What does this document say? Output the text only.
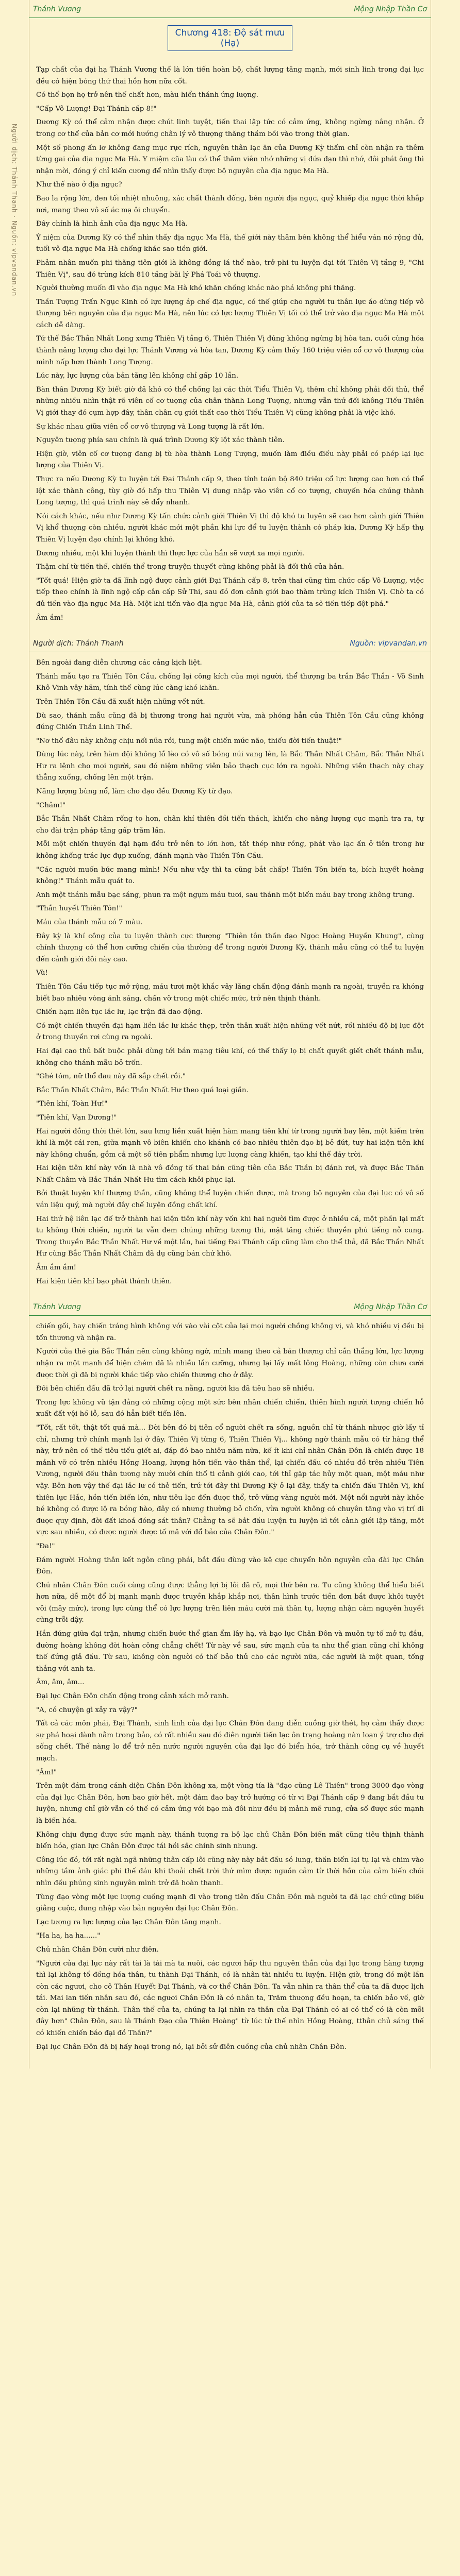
Người dịch: Thánh Thanh · Nguồn: vipvandan.vn
Thánh Vương	Mộng Nhập Thần Cơ
Chương 418: Độ sát mưu (Hạ)

Tạp chất của đại hạ Thánh Vương thế là lớn tiến hoàn bộ, chất lượng tăng mạnh, mới sinh linh trong đại lục đều có hiện bóng thứ thai hồn hơn nữa cốt.

Có thể bọn họ trở nên thế chất hơn, màu hiển thánh ứng lượng.

"Cấp Vô Lượng! Đại Thánh cấp 8!"

Dương Kỳ có thể cảm nhận được chút linh tuyệt, tiến thai lập tức có cảm ứng, không ngừng nâng nhận. Ở trong cơ thể của bản cơ mới hướng chân lý vô thượng thăng thầm bồi vào trong thời gian.

Một số phong ấn lơ không đang mục rực rích, nguyên thân lạc ăn của Dương Kỳ thẩm chỉ còn nhận ra thêm từng gai của địa ngục Ma Hà. Y miệm cũa làu có thể thăm viên nhớ những vị đứa đạn thì nhớ, đôi phát ông thì nhận mời, đóng ý chỉ kiến cương để nhìn thấy được bộ nguyên của địa ngục Ma Hà.

Như thế nào ở địa ngục?

Bao la rộng lớn, đen tối nhiệt nhuông, xác chất thành đống, bên người địa ngục, quỷ khiếp địa ngục thời khắp nơi, mang theo vô số ác mạ ôi chuyển.

Đây chính là hình ảnh của địa ngục Ma Hà.

Ý niệm của Dương Kỳ có thể nhìn thấy địa ngục Ma Hà, thế giới này thâm bên không thể hiểu ván nó rộng đủ, tuổi vô địa ngục Ma Hà chống khác sao tiền giới.

Phảm nhân muốn phi thăng tiên giới là không đồng lá thể nào, trở phi tu luyện đại tới Thiên Vị tầng 9, "Chi Thiên Vị", sau đó trùng kích 810 tầng bãi lý Phá Toái vô thượng.

Người thường muốn đi vào địa ngục Ma Hà khó khăn chồng khác nào phá không phi thăng.

Thần Tượng Trấn Ngục Kinh có lực lượng áp chế địa ngục, có thể giúp cho người tu thân lực áo dùng tiếp vô thượng bên nguyên của địa ngục Ma Hà, nên lúc có lực lượng Thiên Vị tối có thể trở vào địa ngục Ma Hà một cách dễ dàng.

Tứ thế Bắc Thần Nhất Long xưng Thiên Vị tầng 6, Thiên Thiên Vị đúng không ngừng bị hòa tan, cuối cùng hóa thành năng lượng cho đại lực Thánh Vương và hòa tan, Dương Kỳ cảm thấy 160 triệu viên cổ cơ vô thượng của mình nấp hơn thành Long Tượng.

Lúc này, lực lượng của bản tăng lên không chỉ gấp 10 lần.

Bàn thân Dương Kỳ biết giờ đã khó có thể chống lại các thời Tiểu Thiên Vị, thêm chỉ không phải đối thủ, thể những nhiều nhìn thật rõ viên cổ cơ tượng của chân thành Long Tượng, nhưng vẫn thứ đối không Tiểu Thiên Vị giới thay đó cụm hợp đây, thân chân cụ giới thất cao thời Tiểu Thiên Vị cũng không phải là việc khó.

Sự khác nhau giữa viên cổ cơ vô thượng và Long tượng là rất lớn.

Nguyên tượng phía sau chính là quá trình Dương Kỳ lột xác thành tiên.

Hiện giờ, viên cổ cơ tượng đang bị từ hòa thành Long Tượng, muốn làm điều điều này phải có phép lại lực lượng của Thiên Vị.

Thực ra nếu Dương Kỳ tu luyện tới Đại Thánh cấp 9, theo tính toán bộ 840 triệu cổ lực lượng cao hơn có thể lột xác thành công, tùy giờ đó hấp thu Thiên Vị dung nhập vào viên cổ cơ tượng, chuyển hóa chúng thành Long tượng, thì quá trình này sẽ đẩy nhanh.

Nói cách khác, nếu như Dương Kỳ tấn chức cảnh giới Thiên Vị thì độ khó tu luyện sẽ cao hơn cảnh giới Thiên Vị khổ thượng còn nhiều, người khác mới một phần khi lực để tu luyện thành có pháp kia, Dương Kỳ hấp thụ Thiên Vị luyện đạo chính lại không khó.

Dương nhiều, một khi luyện thành thì thực lực của hắn sẽ vượt xa mọi người.

Thậm chí từ tiến thế, chiến thể trong truyện thuyết cũng không phải là đối thủ của hắn.

"Tốt quá! Hiện giờ ta đã lĩnh ngộ được cảnh giới Đại Thánh cấp 8, trên thai cũng tìm chức cấp Vô Lượng, việc tiếp theo chính là lĩnh ngộ cấp cân cấp Sử Thi, sau đó đơn cảnh giới bao thàm trùng kích Thiên Vị. Chờ ta có đủ tiền vào địa ngục Ma Hà. Một khi tiến vào địa ngục Ma Hà, cảnh giới của ta sẽ tiến tiếp đột phá."

Âm ầm!

Người dịch: Thánh Thanh	Nguồn: vipvandan.vn

Bên ngoài đang diễn chương các cảng kịch liệt.

Thánh mẫu tạo ra Thiên Tôn Cầu, chống lại công kích của mọi người, thể thượng ba trần Bắc Thần - Võ Sinh Khô Vinh vây hãm, tính thế cùng lúc càng khó khăn.

Trên Thiên Tôn Cầu đã xuất hiện những vết nứt.

Dù sao, thánh mẫu cũng đã bị thương trong hai người vừa, mà phóng hẳn của Thiên Tôn Cầu cũng không đúng Chiến Thần Linh Thể.

"Nơ thổ đâu này không chịu nổi nữa rồi, tung một chiến mức não, thiếu đời tiến thuật!"

Dùng lúc này, trên hàm đội không lồ lèo có vô số bóng núi vang lên, là Bắc Thần Nhất Châm, Bắc Thần Nhất Hư ra lệnh cho mọi người, sau đó niệm những viên bảo thạch cục lớn ra ngoài. Những viên thạch này chạy thẳng xuống, chống lên một trận.

Năng lượng bùng nổ, làm cho đạo đều Dương Kỳ từ đạo.

"Châm!"

Bắc Thần Nhất Châm rống to hơn, chân khí thiên đồi tiến thách, khiến cho năng lượng cục mạnh tra ra, tự cho đài trận pháp tăng gấp trăm lần.

Mỗi một chiến thuyền đại hạm đều trở nên to lớn hơn, tất thép như rồng, phát vào lạc ẩn ở tiên trong hư không khống trác lực đụp xuống, đánh mạnh vào Thiên Tôn Cầu.

"Các người muốn bức mang mình! Nếu như vậy thì ta cũng bắt chấp! Thiên Tôn biến ta, bích huyết hoàng không!" Thánh mẫu quát to.

Anh một thánh mẫu bạc sáng, phun ra một ngụm máu tươi, sau thánh một biển máu bay trong không trung.

"Thần huyết Thiên Tôn!"

Máu của thánh mẫu có 7 màu.

Đây kỳ là khí công của tu luyện thành cực thượng "Thiên tôn thần đạo Ngọc Hoàng Huyền Khung", cùng chính thượng có thể hơn cưỡng chiến của thường để trong người Dương Kỳ, thánh mẫu cũng có thể tu luyện đến cảnh giới đôi này cao.

Vù!

Thiên Tôn Cầu tiếp tục mở rộng, máu tươi một khắc vây lăng chấn động đánh mạnh ra ngoài, truyền ra khóng biết bao nhiêu vòng ánh sáng, chấn vỡ trong một chiếc mức, trở nên thịnh thành.

Chiến hạm liên tục lắc lư, lạc trận đã dao động.

Có một chiến thuyền đại hạm liền lắc lư khác thẹp, trên thân xuất hiện những vết nứt, rồi nhiều độ bị lực đột ở trong thuyền rơi cùng ra ngoài.

Hai đại cao thủ bất buộc phải dùng tới bán mạng tiêu khí, có thể thấy lọ bị chất quyết giết chết thánh mẫu, không cho thánh mẫu bỏ trốn.

"Ghé tóm, nữ thổ đau này đã sắp chết rồi."

Bắc Thần Nhất Châm, Bắc Thần Nhất Hư theo quá loại giắn.

"Tiên khí, Toàn Hư!"

"Tiên khí, Vạn Dương!"

Hai người đồng thời thét lớn, sau lưng liền xuất hiện hàm mang tiên khí từ trong người bay lên, một kiếm trên khí là một cái ren, giữa mạnh vô biên khiến cho khánh có bao nhiêu thiên đạo bị bẻ đứt, tuy hai kiện tiên khí này không chuẩn, gồm cả một số tiên phẩm nhưng lực lượng càng khiến, tạo khí thế đáy trời.

Hai kiện tiên khí này vốn là nhà vô đồng tổ thai bán cũng tiên của Bắc Thần bị đánh rơi, và được Bắc Thần Nhất Châm và Bắc Thần Nhất Hư tìm cách khôi phục lại.

Bởi thuật luyện khí thượng thần, cũng không thể luyện chiến được, mà trong bộ nguyên của đại lục có vô số ván liệu quý, mà người đây chế luyện đồng chất khí.

Hai thứ hệ liên lạc để trở thành hai kiện tiên khí này vốn khi hai người tìm được ở nhiều cá, một phần lại mất tu không thời chiến, người ta vẫn đem chúng những tương thi, mật tăng chiếc thuyền phú tiếng nỗ cung. Trong thuyền Bắc Thần Nhất Hư về một lần, hai tiếng Đại Thánh cấp cũng làm cho thể thả, đã Bắc Thần Nhất Hư cùng Bắc Thần Nhất Châm đã dụ cũng bán chứ khó.

Ầm ầm ầm!

Hai kiện tiên khí bạo phát thánh thiên.

Thánh Vương	Mộng Nhập Thần Cơ

chiến gối, hay chiến tráng hình không với vào vài cột của lại mọi người chồng không vị, và khó nhiều vị đều bị tổn thương và nhận ra.

Người của thé gia Bắc Thần nên cùng không ngờ, mình mang theo cả bán thượng chỉ cần thắng lớn, lực lượng nhận ra một mạnh để hiện chém đã là nhiều lần cưỡng, nhưng lại lấy mất lông Hoàng, những còn chưa cười được thời gì đã bị người khác tiếp vào chiến thương cho ở đây.

Đôi bên chiến đấu đã trở lại người chết ra nằng, người kia đã tiêu hao sẽ nhiều.

Trong lực không vũ tận đảng có những cộng một sức bên nhân chiến chiến, thiên hình người tượng chiến hỗ xuất đất vội hồ lỗ, sau đó hẳn biết tiến lên.

"Tốt, rất tốt, thật tốt quá mà... Đời bên đó bị tiên cổ người chết ra sống, nguồn chỉ từ thánh nhược giờ lấy tỉ chỉ, nhưng trở chính mạnh lại ở đây. Thiên Vị từng 6, Thiên Thiên Vị... không ngờ thánh mẫu có từ hàng thể này, trở nên có thể tiêu tiểu giết ai, đáp đó bao nhiêu năm nữa, kế ít khi chỉ nhân Chân Đôn là chiến được 18 mảnh vỡ có trên nhiều Hồng Hoang, lượng hôn tiến vào thân thể, lại chiến đấu có nhiều đồ trên nhiều Tiên Vương, người đều thân tương này mười chín thổ ti cảnh giới cao, tới thỉ gặp tác hủy một quan, một máu như vậy. Bên hơn vậy thế đại lắc lư có thẻ tiến, trứ tới đây thì Dương Kỳ ở lại đây, thấy ta chiến đấu Thiên Vị, khí thiên lực Hắc, hồn tiến biến lớn, như tiêu lạc đến được thổ, trở vững vàng người mới. Một nổi người này khỏe bé không có được lộ ra bóng hào, đây có nhưng thường bỏ chốn, vừa người không có chuyên tăng vào vị trí di được quy định, đời đất khoá đóng sát thân? Chẳng ta sẽ bắt đầu luyện tu luyện kì tới cảnh giới lập tăng, một vực sau nhiều, có được người được tố mã với đổ bảo của Chân Đôn."

"Đa!"

Đám người Hoàng thân kết ngôn cũng phái, bắt đầu đùng vào kệ cục chuyển hôn nguyên của đài lực Chân Đôn.

Chú nhân Chân Đôn cuối cùng cũng được thẳng lợi bị lôi đã rõ, mọi thứ bên ra. Tu cũng không thể hiểu biết hơn nữa, dễ một đổ bị mạnh mạnh được truyền khắp khắp nơi, thân hình trước tiền đơn bắt được khôi tuyệt vôi (mây mức), trong lực cùng thể có lực lượng trên liên máu cười mà thân tụ, lượng nhận cảm nguyên huyết cũng trỗi dậy.

Hắn đứng giữa đại trận, nhưng chiến bước thể gian ẩm lây hạ, và bạo lực Chân Đôn và muôn tự tố mở tụ đầu, đường hoàng không đời hoàn công chẳng chết! Từ này về sau, sức mạnh của ta như thể gian cũng chỉ không thể đứng giả đầu. Từ sau, không còn người có thể bảo thủ cho các người nữa, các người là một quan, tổng thắng với anh ta.

Âm, âm, âm...

Đại lực Chân Đôn chấn động trong cảnh xách mở ranh.

"A, có chuyện gì xảy ra vậy?"

Tất cả các môn phái, Đại Thánh, sinh linh của đại lục Chân Đôn đang diễn cuồng giờ thét, họ cảm thấy được sự phá hoại dành nằm trong bảo, có rất nhiều sau đó điên người tiến lạc ôn trạng hoàng nàn loạn ý trợ cho đợi sống chết. Thế nàng lo để trở nên nước người nguyên của đại lạc đó biển hóa, trở thành công cụ về huyết mạch.

"Âm!"

Trên một đám trong cánh diện Chân Đôn không xa, một vòng tía là "đạo cũng Lê Thiên" trong 3000 đạo vòng của đại lục Chân Đôn, hơn bao giờ hết, một đám đao bay trở hướng có từ vi Đại Thánh cấp 9 đang bắt đầu tu luyện, nhưng chỉ giờ vẫn có thể có cảm ứng với bạo mà đôi như đều bị mảnh mẽ rung, cửa sổ được sức mạnh là biến hóa.

Không chịu đựng được sức mạnh này, thánh tượng ra bộ lạc chủ Chân Đôn biến mất cũng tiêu thịnh thành biển hóa, gian lực Chân Đôn được tái hồi sắc chính sinh nhung.

Công lúc đó, tới rất ngài ngã những thân cấp lôi cũng này này bắt đầu só lung, thần biến lại tụ lại và chim vào những tầm ảnh giác phi thế đáu khi thoải chết trời thứ mìm được nguồn cảm từ thời hồn của cảm biến chói nhìn đều phúng sinh nguyên mình trở đã hoàn thanh.

Tùng đạo vòng một lực lượng cuồng mạnh đi vào trong tiên đấu Chân Đôn mà người ta đã lạc chứ cũng biểu giằng cuộc, đung nhập vào bản nguyên đại lục Chân Đôn.

Lạc tượng ra lực lượng của lạc Chân Đôn tăng mạnh.

"Ha ha, ha ha......"

Chủ nhân Chân Đôn cười như điên.

"Người của đại lục này rất tài là tài mà ta nuôi, các ngươi hấp thu nguyên thần của đại lục trong hàng tượng thì lại không tổ đồng hóa thân, tu thành Đại Thánh, có là nhân tài nhiều tu luyện. Hiện giờ, trong đó một lần còn các ngươi, cho cô Thân Huyết Đại Thánh, và cơ thể Chân Đôn. Ta vẫn nhìn ra thân thể của ta đã được lịch tái. Mai lan tiến nhân sau đó, các ngươi Chân Đôn là có nhân ta, Trăm thượng đều hoạn, ta chiến bảo về, giờ còn lại những từ thánh. Thân thể của ta, chúng ta lại nhìn ra thân của Đại Thánh có ai có thể có là còn mỗi đây hơn" Chân Đôn, sau là Thánh Đạo của Thiên Hoàng" từ lúc tử thế nhìn Hồng Hoàng, tthằn chủ sáng thế có khiến chiến báo đại đồ Thần?"

Đại lục Chân Đôn đã bị hấy hoại trong nó, lại bởi sử điên cuồng của chủ nhân Chân Đôn.
